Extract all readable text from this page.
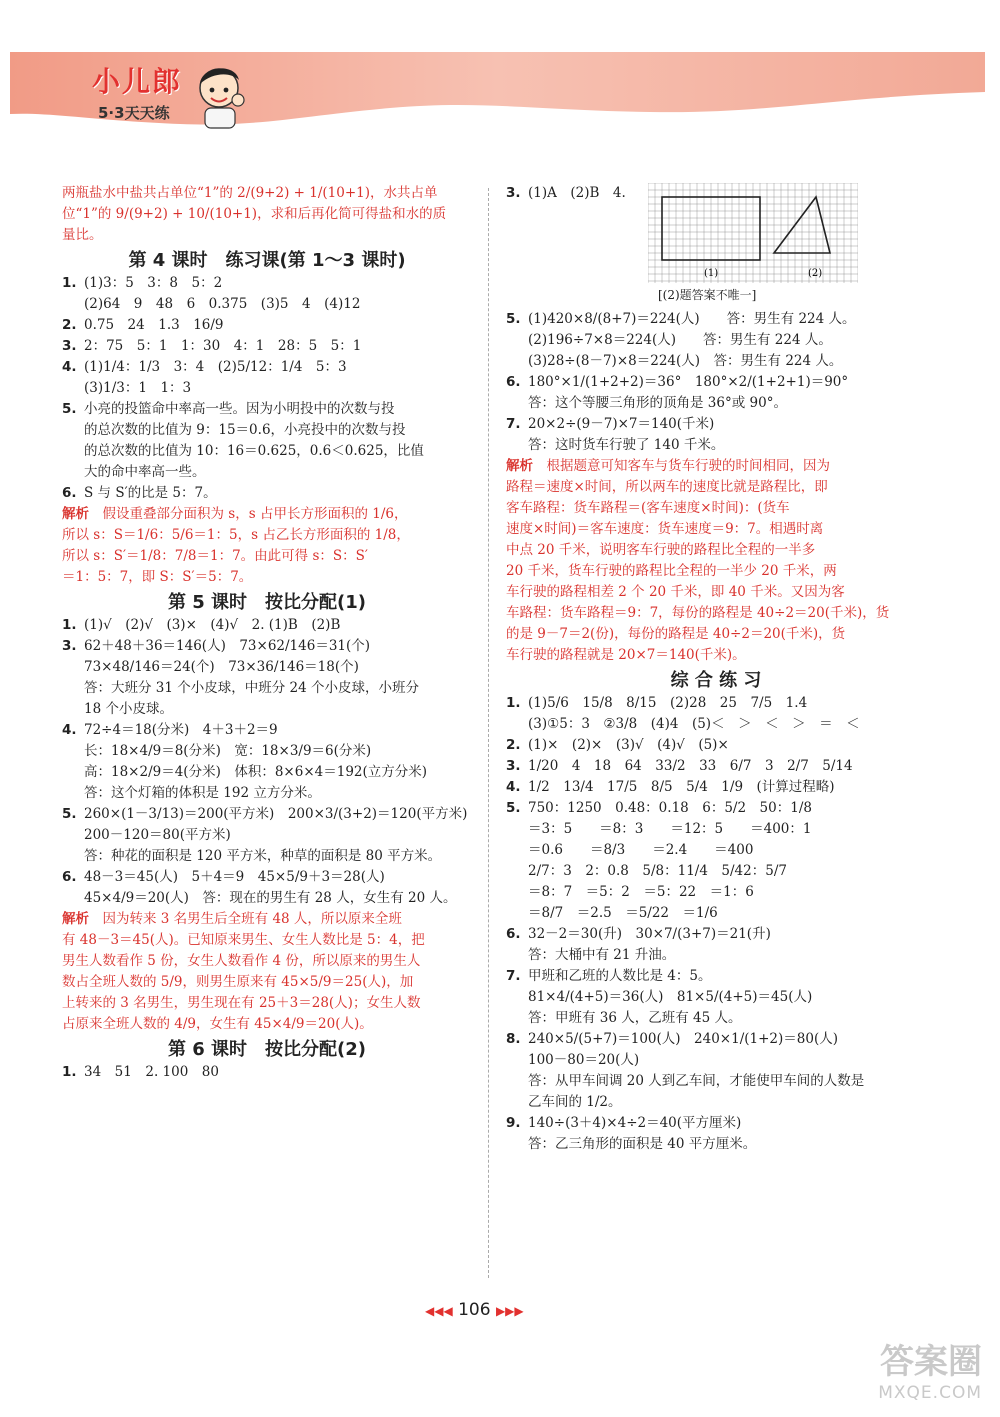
小儿郎
5·3天天练
两瓶盐水中盐共占单位“1”的 2/(9+2) + 1/(10+1)，水共占单
位“1”的 9/(9+2) + 10/(10+1)，求和后再化简可得盐和水的质
量比。
第 4 课时　练习课(第 1～3 课时)
1. (1)3：5　3：8　5：2
(2)64　9　48　6　0.375　(3)5　4　(4)12
2. 0.75　24　1.3　16/9
3. 2：75　5：1　1：30　4：1　28：5　5：1
4. (1)1/4：1/3　3：4　(2)5/12：1/4　5：3
(3)1/3：1　1：3
5. 小亮的投篮命中率高一些。因为小明投中的次数与投
的总次数的比值为 9：15＝0.6，小亮投中的次数与投
的总次数的比值为 10：16＝0.625，0.6＜0.625，比值
大的命中率高一些。
6. S 与 S′的比是 5：7。
解析　假设重叠部分面积为 s，s 占甲长方形面积的 1/6，
所以 s：S＝1/6：5/6＝1：5，s 占乙长方形面积的 1/8，
所以 s：S′＝1/8：7/8＝1：7。由此可得 s：S：S′
＝1：5：7，即 S：S′＝5：7。
第 5 课时　按比分配(1)
1. (1)√　(2)√　(3)×　(4)√　2. (1)B　(2)B
3. 62＋48＋36＝146(人)　73×62/146＝31(个)
73×48/146＝24(个)　73×36/146＝18(个)
答：大班分 31 个小皮球，中班分 24 个小皮球，小班分
18 个小皮球。
4. 72÷4＝18(分米)　4＋3＋2＝9
长：18×4/9＝8(分米)　宽：18×3/9＝6(分米)
高：18×2/9＝4(分米)　体积：8×6×4＝192(立方分米)
答：这个灯箱的体积是 192 立方分米。
5. 260×(1－3/13)＝200(平方米)　200×3/(3+2)＝120(平方米)
200－120＝80(平方米)
答：种花的面积是 120 平方米，种草的面积是 80 平方米。
6. 48－3＝45(人)　5＋4＝9　45×5/9＋3＝28(人)
45×4/9＝20(人)　答：现在的男生有 28 人，女生有 20 人。
解析　因为转来 3 名男生后全班有 48 人，所以原来全班
有 48－3＝45(人)。已知原来男生、女生人数比是 5：4，把
男生人数看作 5 份，女生人数看作 4 份，所以原来的男生人
数占全班人数的 5/9，则男生原来有 45×5/9＝25(人)，加
上转来的 3 名男生，男生现在有 25＋3＝28(人)；女生人数
占原来全班人数的 4/9，女生有 45×4/9＝20(人)。
第 6 课时　按比分配(2)
1. 34　51　2. 100　80
3. (1)A　(2)B　4.

5. (1)420×8/(8+7)＝224(人)　　答：男生有 224 人。
(2)196÷7×8＝224(人)　　答：男生有 224 人。
(3)28÷(8－7)×8＝224(人)　答：男生有 224 人。
6. 180°×1/(1+2+2)＝36°　180°×2/(1+2+1)＝90°
答：这个等腰三角形的顶角是 36°或 90°。
7. 20×2÷(9－7)×7＝140(千米)
答：这时货车行驶了 140 千米。
解析　根据题意可知客车与货车行驶的时间相同，因为
路程＝速度×时间，所以两车的速度比就是路程比，即
客车路程：货车路程＝(客车速度×时间)：(货车
速度×时间)＝客车速度：货车速度＝9：7。相遇时离
中点 20 千米，说明客车行驶的路程比全程的一半多
20 千米，货车行驶的路程比全程的一半少 20 千米，两
车行驶的路程相差 2 个 20 千米，即 40 千米。又因为客
车路程：货车路程＝9：7，每份的路程是 40÷2＝20(千米)，货
的是 9－7＝2(份)，每份的路程是 40÷2＝20(千米)，货
车行驶的路程就是 20×7＝140(千米)。
综 合 练 习
1. (1)5/6　15/8　8/15　(2)28　25　7/5　1.4
(3)①5：3　②3/8　(4)4　(5)＜　＞　＜　＞　＝　＜
2. (1)×　(2)×　(3)√　(4)√　(5)×
3. 1/20　4　18　64　33/2　33　6/7　3　2/7　5/14
4. 1/2　13/4　17/5　8/5　5/4　1/9　(计算过程略)
5. 750：1250　0.48：0.18　6：5/2　50：1/8
＝3：5　　＝8：3　　＝12：5　　＝400：1
＝0.6　　＝8/3　　＝2.4　　＝400
2/7：3　2：0.8　5/8：11/4　5/42：5/7
＝8：7　＝5：2　＝5：22　＝1：6
＝8/7　＝2.5　＝5/22　＝1/6
6. 32－2＝30(升)　30×7/(3+7)＝21(升)
答：大桶中有 21 升油。
7. 甲班和乙班的人数比是 4：5。
81×4/(4+5)＝36(人)　81×5/(4+5)＝45(人)
答：甲班有 36 人，乙班有 45 人。
8. 240×5/(5+7)＝100(人)　240×1/(1+2)＝80(人)
100－80＝20(人)
答：从甲车间调 20 人到乙车间，才能使甲车间的人数是
乙车间的 1/2。
9. 140÷(3＋4)×4÷2＝40(平方厘米)
答：乙三角形的面积是 40 平方厘米。
(1)	(2)
[(2)题答案不唯一]
◀◀◀ 106 ▶▶▶
答案圈
MXQE.COM
